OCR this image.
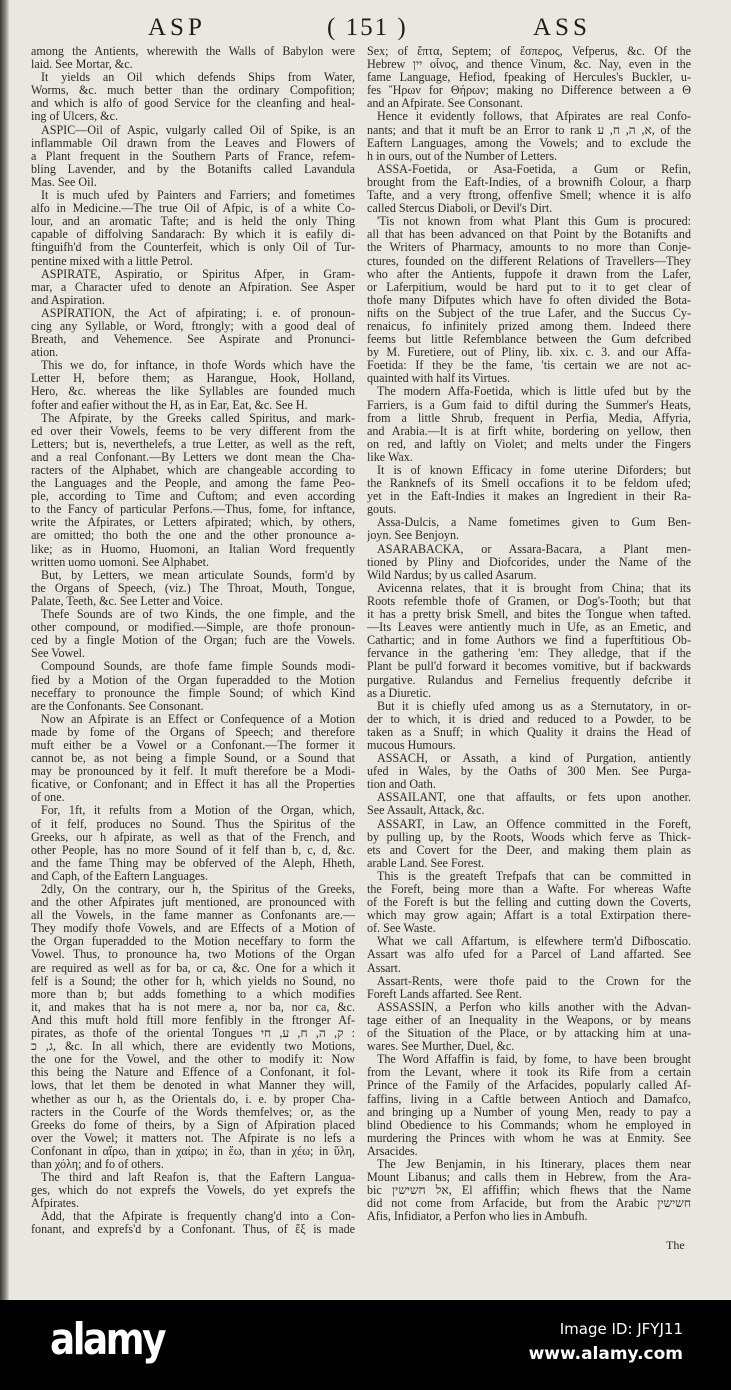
ASP	( 151 )	ASS
among the Antients, wherewith the Walls of Babylon were
laid. See Mortar, &c.
It yields an Oil which defends Ships from Water,
Worms, &c. much better than the ordinary Compofition;
and which is alfo of good Service for the cleanfing and heal-
ing of Ulcers, &c.
ASPIC—Oil of Aspic, vulgarly called Oil of Spike, is an
inflammable Oil drawn from the Leaves and Flowers of
a Plant frequent in the Southern Parts of France, refem-
bling Lavender, and by the Botanifts called Lavandula
Mas. See Oil.
It is much ufed by Painters and Farriers; and fometimes
alfo in Medicine.—The true Oil of Afpic, is of a white Co-
lour, and an aromatic Tafte; and is held the only Thing
capable of diffolving Sandarach: By which it is eafily di-
ftinguifh'd from the Counterfeit, which is only Oil of Tur-
pentine mixed with a little Petrol.
ASPIRATE, Aspiratio, or Spiritus Afper, in Gram-
mar, a Character ufed to denote an Afpiration. See Asper
and Aspiration.
ASPIRATION, the Act of afpirating; i. e. of pronoun-
cing any Syllable, or Word, ftrongly; with a good deal of
Breath, and Vehemence. See Aspirate and Pronunci-
ation.
This we do, for inftance, in thofe Words which have the
Letter H, before them; as Harangue, Hook, Holland,
Hero, &c. whereas the like Syllables are founded much
fofter and eafier without the H, as in Ear, Eat, &c. See H.
The Afpirate, by the Greeks called Spiritus, and mark-
ed over their Vowels, feems to be very different from the
Letters; but is, neverthelefs, a true Letter, as well as the reft,
and a real Confonant.—By Letters we dont mean the Cha-
racters of the Alphabet, which are changeable according to
the Languages and the People, and among the fame Peo-
ple, according to Time and Cuftom; and even according
to the Fancy of particular Perfons.—Thus, fome, for inftance,
write the Afpirates, or Letters afpirated; which, by others,
are omitted; tho both the one and the other pronounce a-
like; as in Huomo, Huomoni, an Italian Word frequently
written uomo uomoni. See Alphabet.
But, by Letters, we mean articulate Sounds, form'd by
the Organs of Speech, (viz.) The Throat, Mouth, Tongue,
Palate, Teeth, &c. See Letter and Voice.
Thefe Sounds are of two Kinds, the one fimple, and the
other compound, or modified.—Simple, are thofe pronoun-
ced by a fingle Motion of the Organ; fuch are the Vowels.
See Vowel.
Compound Sounds, are thofe fame fimple Sounds modi-
fied by a Motion of the Organ fuperadded to the Motion
neceffary to pronounce the fimple Sound; of which Kind
are the Confonants. See Consonant.
Now an Afpirate is an Effect or Confequence of a Motion
made by fome of the Organs of Speech; and therefore
muft either be a Vowel or a Confonant.—The former it
cannot be, as not being a fimple Sound, or a Sound that
may be pronounced by it felf. It muft therefore be a Modi-
ficative, or Confonant; and in Effect it has all the Properties
of one.
For, 1ft, it refults from a Motion of the Organ, which,
of it felf, produces no Sound. Thus the Spiritus of the
Greeks, our h afpirate, as well as that of the French, and
other People, has no more Sound of it felf than b, c, d, &c.
and the fame Thing may be obferved of the Aleph, Hheth,
and Caph, of the Eaftern Languages.
2dly, On the contrary, our h, the Spiritus of the Greeks,
and the other Afpirates juft mentioned, are pronounced with
all the Vowels, in the fame manner as Confonants are.—
They modify thofe Vowels, and are Effects of a Motion of
the Organ fuperadded to the Motion neceffary to form the
Vowel. Thus, to pronounce ha, two Motions of the Organ
are required as well as for ba, or ca, &c. One for a which it
felf is a Sound; the other for h, which yields no Sound, no
more than b; but adds fomething to a which modifies
it, and makes that ha is not mere a, nor ba, nor ca, &c.
And this muft hold ftill more fenfibly in the ftronger Af-
pirates, as thofe of the oriental Tongues ק, ה, ח, ע, חי :
ג, כ, &c. In all which, there are evidently two Motions,
the one for the Vowel, and the other to modify it: Now
this being the Nature and Effence of a Confonant, it fol-
lows, that let them be denoted in what Manner they will,
whether as our h, as the Orientals do, i. e. by proper Cha-
racters in the Courfe of the Words themfelves; or, as the
Greeks do fome of theirs, by a Sign of Afpiration placed
over the Vowel; it matters not. The Afpirate is no lefs a
Confonant in αἴρω, than in χαίρω; in ἕω, than in χέω; in ὕλη,
than χόλη; and fo of others.
The third and laft Reafon is, that the Eaftern Langua-
ges, which do not exprefs the Vowels, do yet exprefs the
Afpirates.
Add, that the Afpirate is frequently chang'd into a Con-
fonant, and exprefs'd by a Confonant. Thus, of ἕξ is made
Sex; of ἕπτα, Septem; of ἕσπερος, Vefperus, &c. Of the
Hebrew יין οἶνος, and thence Vinum, &c. Nay, even in the
fame Language, Hefiod, fpeaking of Hercules's Buckler, u-
fes Ἥρων for Θήρων; making no Difference between a Θ
and an Afpirate. See Consonant.
Hence it evidently follows, that Afpirates are real Confo-
nants; and that it muft be an Error to rank א, ה, ח, ע, of the
Eaftern Languages, among the Vowels; and to exclude the
h in ours, out of the Number of Letters.
ASSA-Foetida, or Asa-Foetida, a Gum or Refin,
brought from the Eaft-Indies, of a brownifh Colour, a fharp
Tafte, and a very ftrong, offenfive Smell; whence it is alfo
called Stercus Diaboli, or Devil's Dirt.
'Tis not known from what Plant this Gum is procured:
all that has been advanced on that Point by the Botanifts and
the Writers of Pharmacy, amounts to no more than Conje-
ctures, founded on the different Relations of Travellers—They
who after the Antients, fuppofe it drawn from the Lafer,
or Laferpitium, would be hard put to it to get clear of
thofe many Difputes which have fo often divided the Bota-
nifts on the Subject of the true Lafer, and the Succus Cy-
renaicus, fo infinitely prized among them. Indeed there
feems but little Refemblance between the Gum defcribed
by M. Furetiere, out of Pliny, lib. xix. c. 3. and our Affa-
Foetida: If they be the fame, 'tis certain we are not ac-
quainted with half its Virtues.
The modern Affa-Foetida, which is little ufed but by the
Farriers, is a Gum faid to diftil during the Summer's Heats,
from a little Shrub, frequent in Perfia, Media, Affyria,
and Arabia.—It is at firft white, bordering on yellow, then
on red, and laftly on Violet; and melts under the Fingers
like Wax.
It is of known Efficacy in fome uterine Diforders; but
the Ranknefs of its Smell occafions it to be feldom ufed;
yet in the Eaft-Indies it makes an Ingredient in their Ra-
gouts.
Assa-Dulcis, a Name fometimes given to Gum Ben-
joyn. See Benjoyn.
ASARABACKA, or Assara-Bacara, a Plant men-
tioned by Pliny and Diofcorides, under the Name of the
Wild Nardus; by us called Asarum.
Avicenna relates, that it is brought from China; that its
Roots refemble thofe of Gramen, or Dog's-Tooth; but that
it has a pretty brisk Smell, and bites the Tongue when tafted.
—Its Leaves were antiently much in Ufe, as an Emetic, and
Cathartic; and in fome Authors we find a fuperftitious Ob-
fervance in the gathering 'em: They alledge, that if the
Plant be pull'd forward it becomes vomitive, but if backwards
purgative. Rulandus and Fernelius frequently defcribe it
as a Diuretic.
But it is chiefly ufed among us as a Sternutatory, in or-
der to which, it is dried and reduced to a Powder, to be
taken as a Snuff; in which Quality it drains the Head of
mucous Humours.
ASSACH, or Assath, a kind of Purgation, antiently
ufed in Wales, by the Oaths of 300 Men. See Purga-
tion and Oath.
ASSAILANT, one that affaults, or fets upon another.
See Assault, Attack, &c.
ASSART, in Law, an Offence committed in the Foreft,
by pulling up, by the Roots, Woods which ferve as Thick-
ets and Covert for the Deer, and making them plain as
arable Land. See Forest.
This is the greateft Trefpafs that can be committed in
the Foreft, being more than a Wafte. For whereas Wafte
of the Foreft is but the felling and cutting down the Coverts,
which may grow again; Affart is a total Extirpation there-
of. See Waste.
What we call Affartum, is elfewhere term'd Difboscatio.
Assart was alfo ufed for a Parcel of Land affarted. See
Assart.
Assart-Rents, were thofe paid to the Crown for the
Foreft Lands affarted. See Rent.
ASSASSIN, a Perfon who kills another with the Advan-
tage either of an Inequality in the Weapons, or by means
of the Situation of the Place, or by attacking him at una-
wares. See Murther, Duel, &c.
The Word Affaffin is faid, by fome, to have been brought
from the Levant, where it took its Rife from a certain
Prince of the Family of the Arfacides, popularly called Af-
faffins, living in a Caftle between Antioch and Damafco,
and bringing up a Number of young Men, ready to pay a
blind Obedience to his Commands; whom he employed in
murdering the Princes with whom he was at Enmity. See
Arsacides.
The Jew Benjamin, in his Itinerary, places them near
Mount Libanus; and calls them in Hebrew, from the Ara-
bic אל חשישין, El affiffin; which fhews that the Name
did not come from Arfacide, but from the Arabic חשישין
Afis, Infidiator, a Perfon who lies in Ambufh.
The
alamy	Image ID: JFYJ11
www.alamy.com
